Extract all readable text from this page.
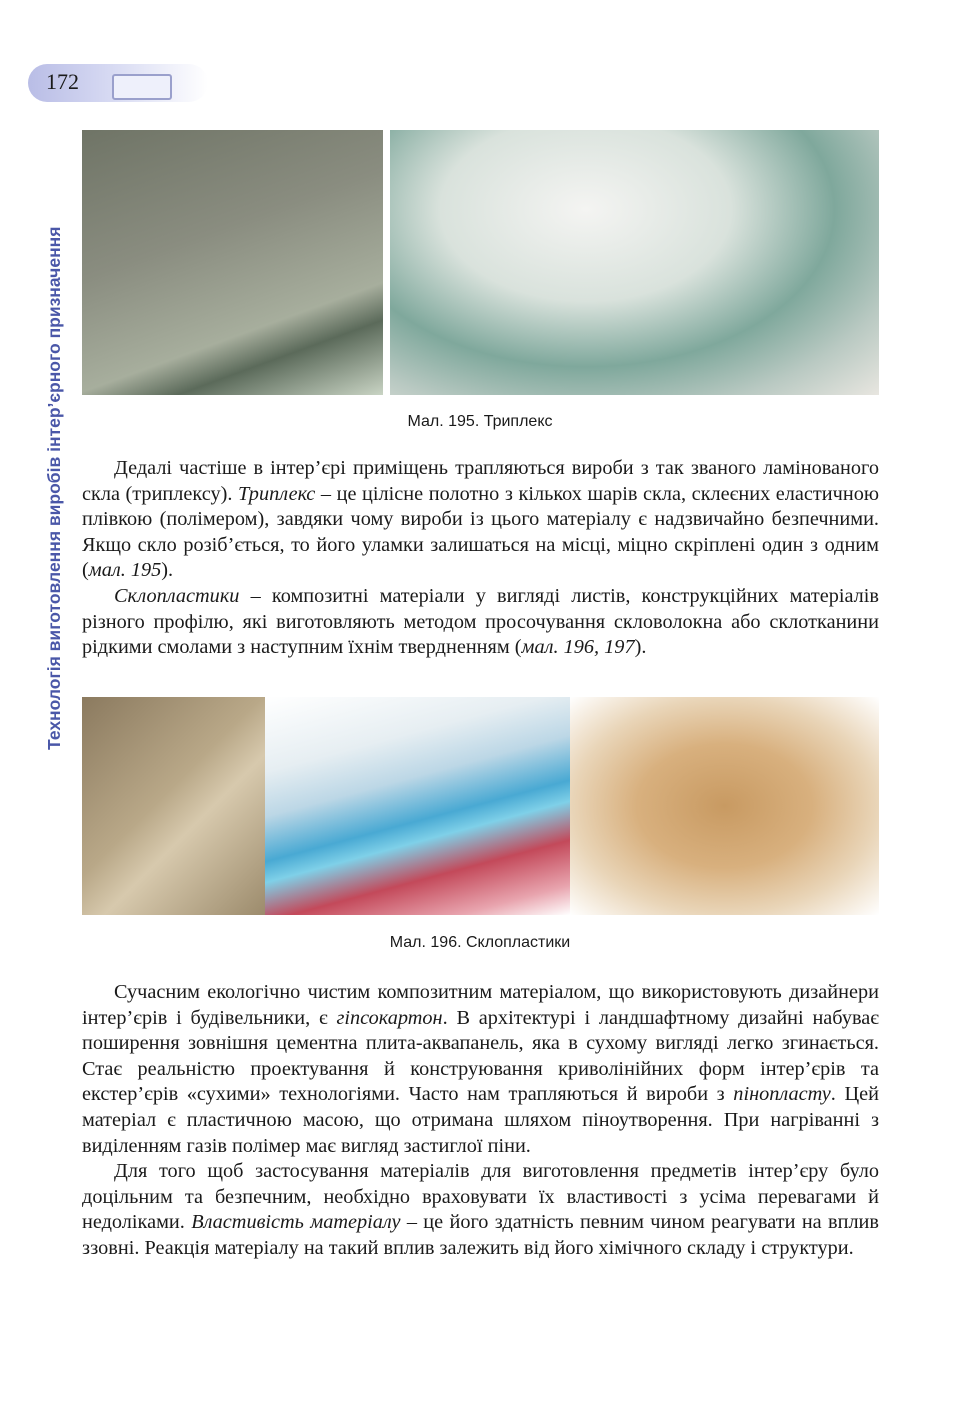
172
Технологія виготовлення виробів інтер’єрного призначення	Мал. 195. Триплекс

Дедалі частіше в інтер’єрі приміщень трапляються вироби з так званого ламінованого скла (триплексу). Триплекс – це цілісне полотно з кількох шарів скла, склеєних еластичною плівкою (полімером), завдяки чому вироби із цього матеріалу є надзвичайно безпечними. Якщо скло розіб’ється, то його уламки залишаться на місці, міцно скріплені один з одним (мал. 195).

Склопластики – композитні матеріали у вигляді листів, конструкційних матеріалів різного профілю, які виготовляють методом просочування скловолокна або склотканини рідкими смолами з наступним їхнім твердненням (мал. 196, 197).

Мал. 196. Склопластики

Сучасним екологічно чистим композитним матеріалом, що використовують дизайнери інтер’єрів і будівельники, є гіпсокартон. В архітектурі і ландшафтному дизайні набуває поширення зовнішня цементна плита-аквапанель, яка в сухому вигляді легко згинається. Стає реальністю проектування й конструювання криволінійних форм інтер’єрів та екстер’єрів «сухими» технологіями. Часто нам трапляються й вироби з пінопласту. Цей матеріал є пластичною масою, що отримана шляхом піноутворення. При нагріванні з виділенням газів полімер має вигляд застиглої піни.

Для того щоб застосування матеріалів для виготовлення предметів інтер’єру було доцільним та безпечним, необхідно враховувати їх властивості з усіма перевагами й недоліками. Властивість матеріалу – це його здатність певним чином реагувати на вплив ззовні. Реакція матеріалу на такий вплив залежить від його хімічного складу і структури.
